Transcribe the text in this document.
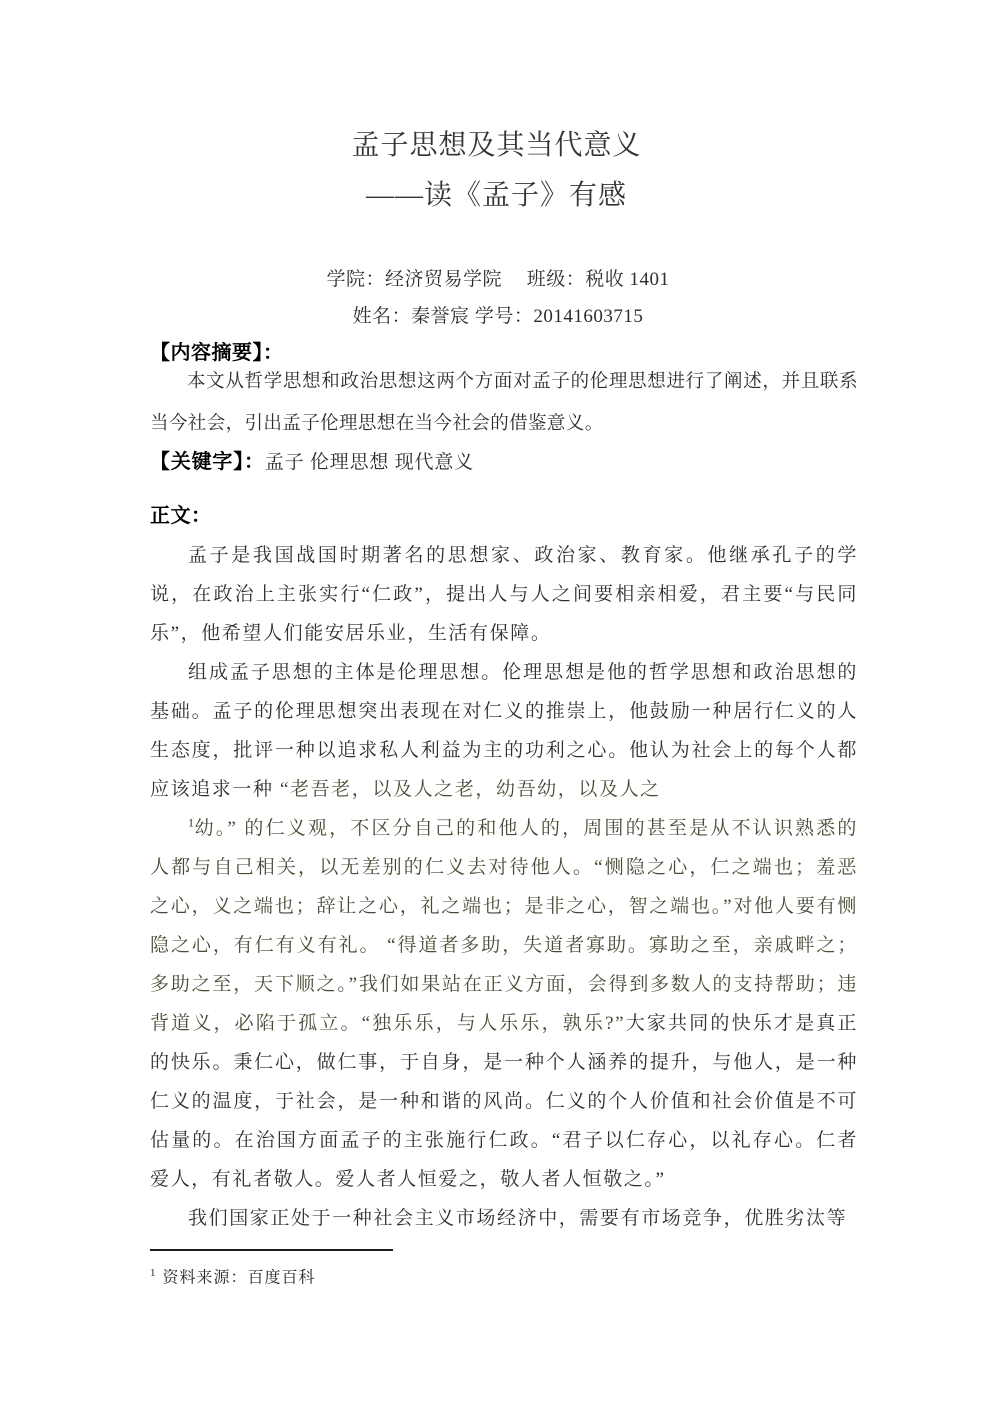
孟子思想及其当代意义
——读《孟子》有感
学院：经济贸易学院　 班级：税收 1401
姓名：秦誉宸 学号：20141603715
【内容摘要】：
本文从哲学思想和政治思想这两个方面对孟子的伦理思想进行了阐述，并且联系当今社会，引出孟子伦理思想在当今社会的借鉴意义。
【关键字】：孟子 伦理思想 现代意义

正文：

孟子是我国战国时期著名的思想家、政治家、教育家。他继承孔子的学说，在政治上主张实行“仁政”，提出人与人之间要相亲相爱，君主要“与民同乐”，他希望人们能安居乐业，生活有保障。

组成孟子思想的主体是伦理思想。伦理思想是他的哲学思想和政治思想的基础。孟子的伦理思想突出表现在对仁义的推崇上，他鼓励一种居行仁义的人生态度，批评一种以追求私人利益为主的功利之心。他认为社会上的每个人都应该追求一种 “老吾老，以及人之老，幼吾幼，以及人之

$^1$幼。” 的仁义观，不区分自己的和他人的，周围的甚至是从不认识熟悉的人都与自己相关，以无差别的仁义去对待他人。“恻隐之心，仁之端也；羞恶之心，义之端也；辞让之心，礼之端也；是非之心，智之端也。”对他人要有恻隐之心，有仁有义有礼。 “得道者多助，失道者寡助。寡助之至，亲戚畔之；多助之至，天下顺之。”我们如果站在正义方面，会得到多数人的支持帮助；违背道义，必陷于孤立。“独乐乐，与人乐乐，孰乐?”大家共同的快乐才是真正的快乐。秉仁心，做仁事，于自身，是一种个人涵养的提升，与他人，是一种仁义的温度，于社会，是一种和谐的风尚。仁义的个人价值和社会价值是不可估量的。在治国方面孟子的主张施行仁政。“君子以仁存心，以礼存心。仁者爱人，有礼者敬人。爱人者人恒爱之，敬人者人恒敬之。”

我们国家正处于一种社会主义市场经济中，需要有市场竞争，优胜劣汰等

$^1$ 资料来源：百度百科
